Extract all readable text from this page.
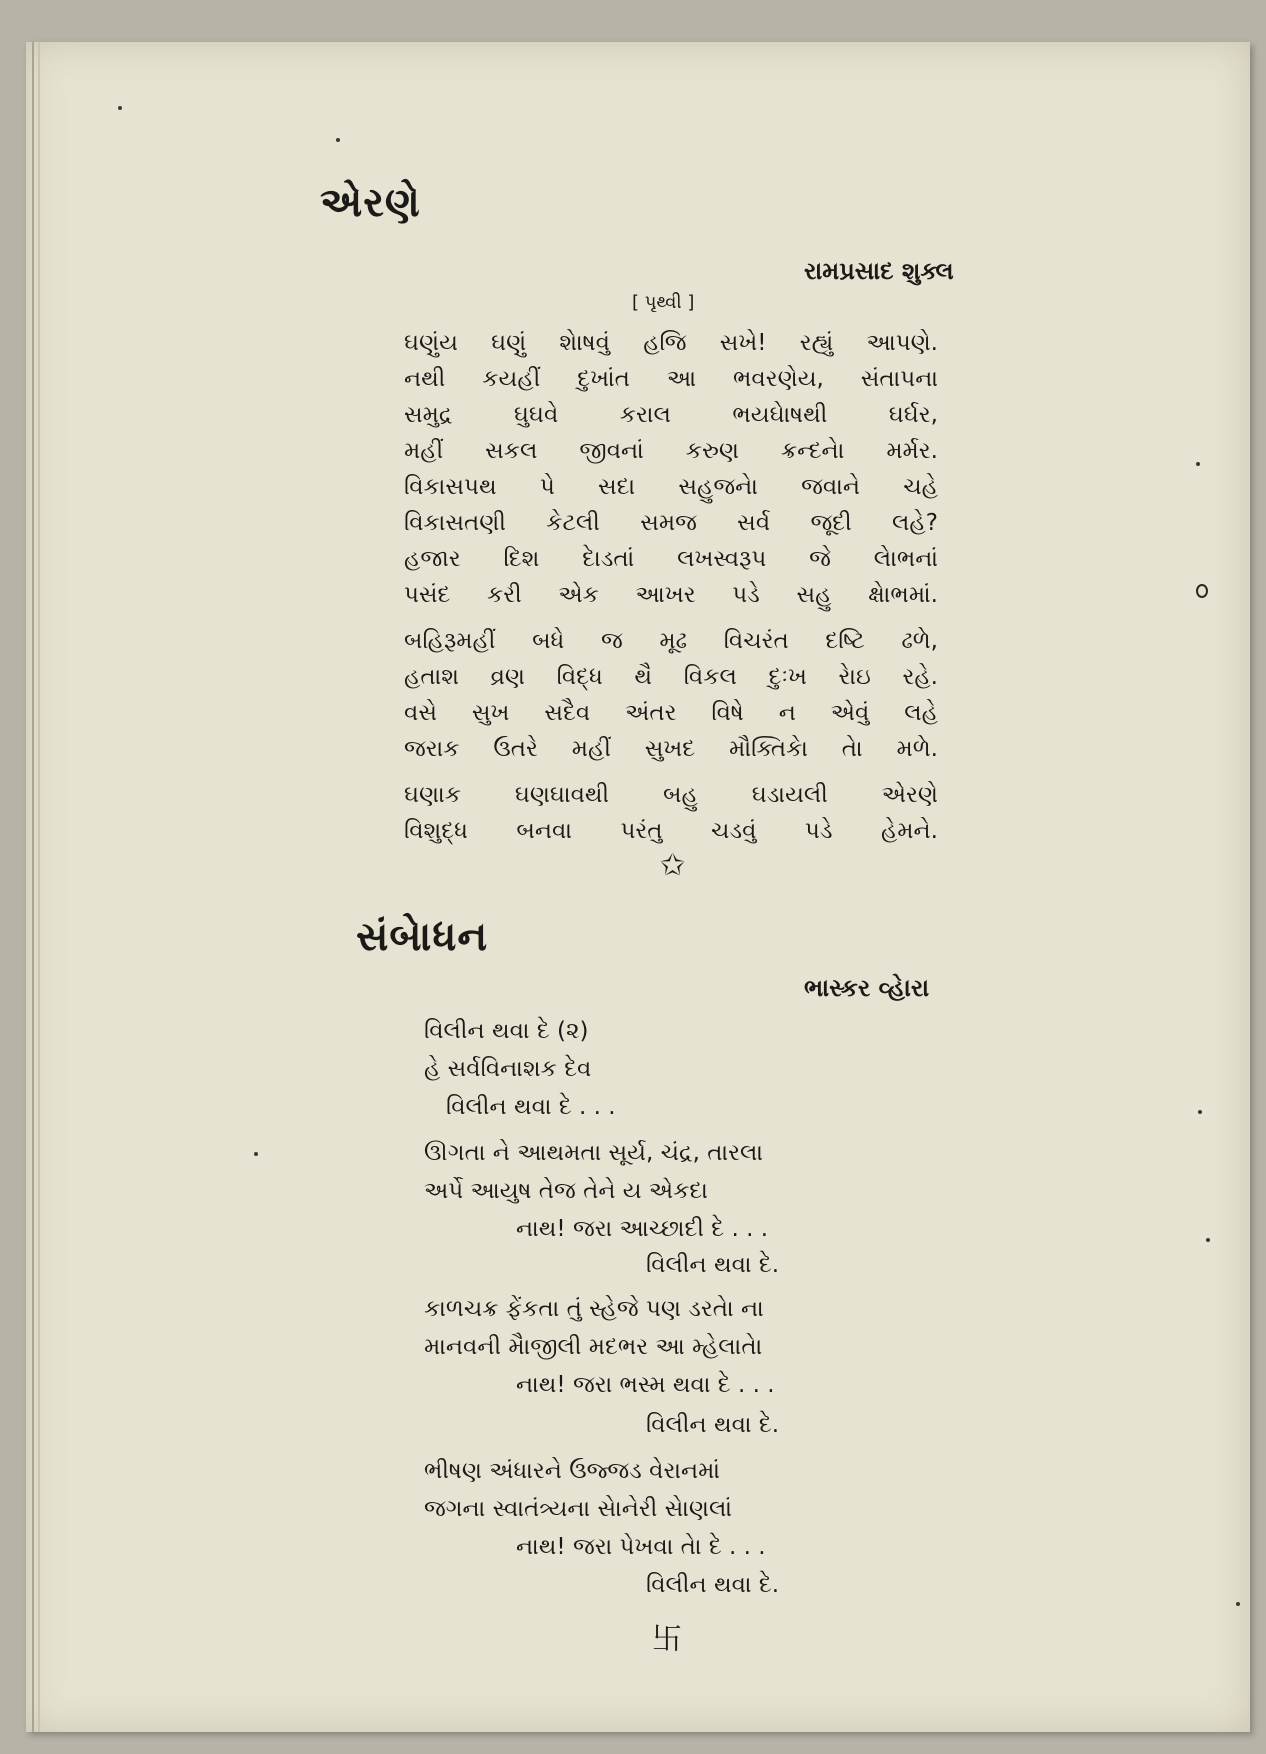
એરણે
રામપ્રસાદ શુક્લ
[ પૃથ્વી ]
ઘણુંય ઘણું શેાષવું હજિ સખે! રહ્યું આપણે.
નથી કયહીં દુખાંત આ ભવરણેય, સંતાપના
સમુદ્ર ઘુઘવે કરાલ ભયઘેાષથી ઘર્ઘર,
મહીં સકલ જીવનાં કરુણ ક્રન્દનેા મર્મર.
વિકાસપથ પે સદા સહુજનેા જવાને ચહે
વિકાસતણી કેટલી સમજ સર્વ જૂદી લહે?
હજાર દિશ દેાડતાં લખસ્વરૂપ જે લેાભનાં
પસંદ કરી એક આખર પડે સહુ ક્ષેાભમાં.
બહિરૂમહીં બધે જ મૂઢ વિચરંત દષ્ટિ ઢળે,
હતાશ વ્રણ વિદ્ધ થૈ વિકલ દુઃખ રેાઇ રહે.
વસે સુખ સદૈવ અંતર વિષે ન એવું લહે
જરાક ઉતરે મહીં સુખદ મૌક્તિકેા તેા મળે.
ઘણાક ઘણઘાવથી બહુ ઘડાયલી એરણે
વિશુદ્ધ બનવા પરંતુ ચડવું પડે હેમને.
✩
સંબેાધન
ભાસ્કર વ્હેારા
વિલીન થવા દે (૨)
હે સર્વવિનાશક દેવ
વિલીન થવા દે . . .
ઊગતા ને આથમતા સૂર્ય, ચંદ્ર, તારલા
અર્પે આયુષ તેજ તેને ય એકદા
નાથ! જરા આચ્છાદી દે . . .
વિલીન થવા દે.
કાળચક્ર ફેંકતા તું સ્હેજે પણ ડરતેા ના
માનવની મૈાજીલી મદભર આ મ્હેલાતેા
નાથ! જરા ભસ્મ થવા દે . . .
વિલીન થવા દે.
ભીષણ અંધારને ઉજ્જડ વેરાનમાં
જગના સ્વાતંત્ર્યના સેાનેરી સેાણલાં
નાથ! જરા પેખવા તેા દે . . .
વિલીન થવા દે.
卐
